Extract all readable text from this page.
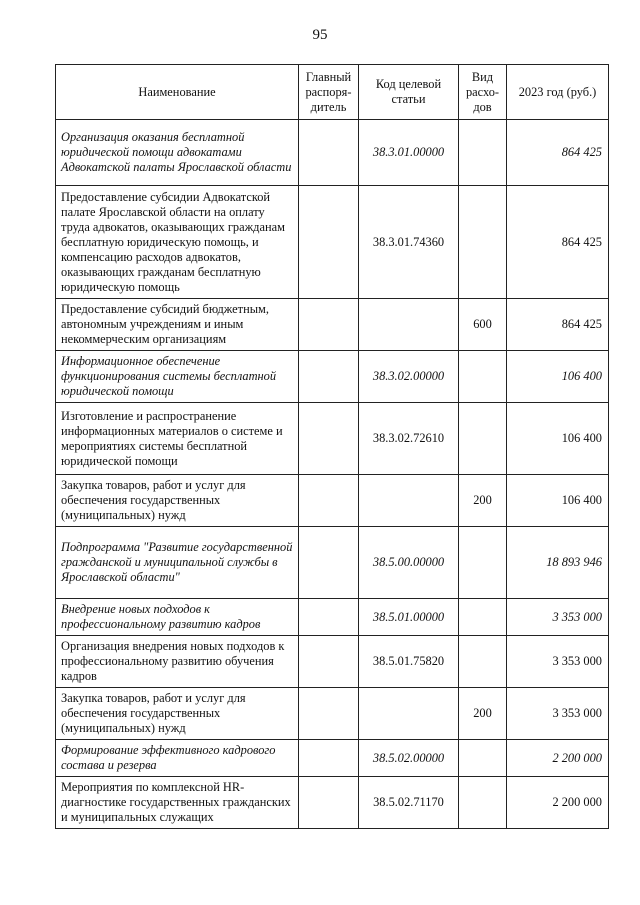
95
Наименование	Главный распоря-дитель	Код целевой статьи	Вид расхо-дов	2023 год (руб.)
Организация оказания бесплатной юридической помощи адвокатами Адвокатской палаты Ярославской области		38.3.01.00000		864 425
Предоставление субсидии Адвокатской палате Ярославской области на оплату труда адвокатов, оказывающих гражданам бесплатную юридическую помощь, и компенсацию расходов адвокатов, оказывающих гражданам бесплатную юридическую помощь		38.3.01.74360		864 425
Предоставление субсидий бюджетным, автономным учреждениям и иным некоммерческим организациям			600	864 425
Информационное обеспечение функционирования системы бесплатной юридической помощи		38.3.02.00000		106 400
Изготовление и распространение информационных материалов о системе и мероприятиях системы бесплатной юридической помощи		38.3.02.72610		106 400
Закупка товаров, работ и услуг для обеспечения государственных (муниципальных) нужд			200	106 400
Подпрограмма "Развитие государственной гражданской и муниципальной службы в Ярославской области"		38.5.00.00000		18 893 946
Внедрение новых подходов к профессиональному развитию кадров		38.5.01.00000		3 353 000
Организация внедрения новых подходов к профессиональному развитию обучения кадров		38.5.01.75820		3 353 000
Закупка товаров, работ и услуг для обеспечения государственных (муниципальных) нужд			200	3 353 000
Формирование эффективного кадрового состава и резерва		38.5.02.00000		2 200 000
Мероприятия по комплексной HR-диагностике государственных гражданских и муниципальных служащих		38.5.02.71170		2 200 000
